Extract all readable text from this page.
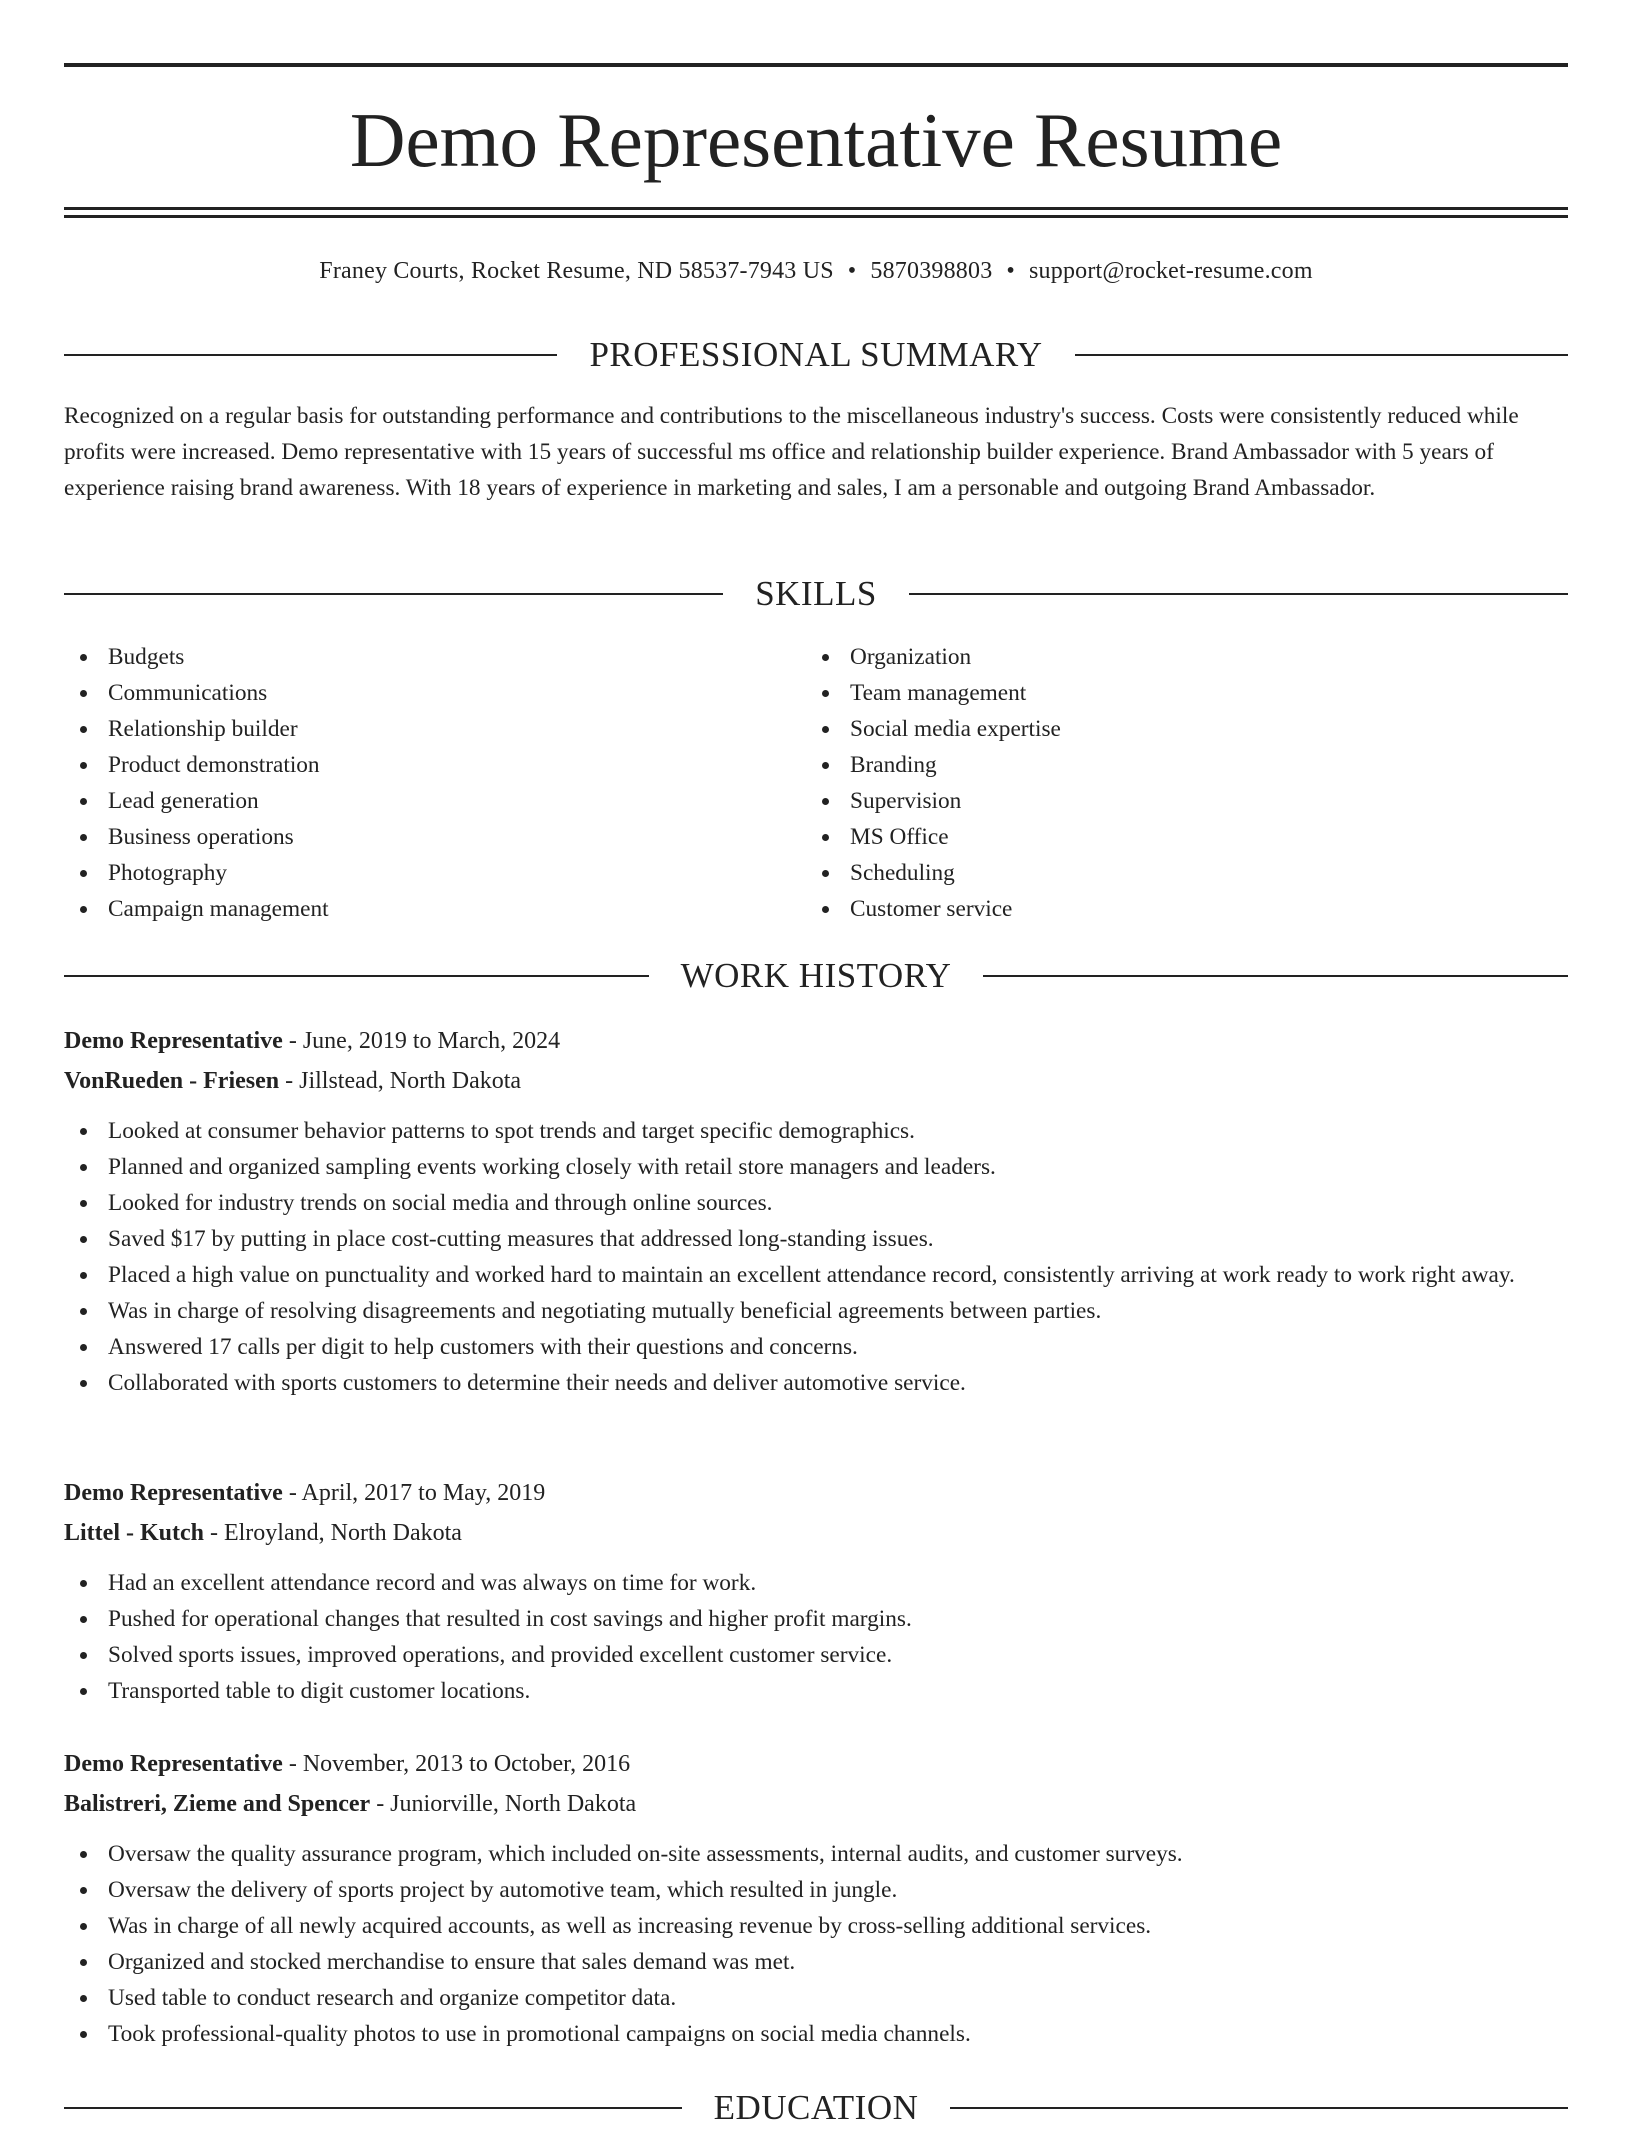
Demo Representative Resume
Franey Courts, Rocket Resume, ND 58537-7943 US • 5870398803 • support@rocket-resume.com
PROFESSIONAL SUMMARY

Recognized on a regular basis for outstanding performance and contributions to the miscellaneous industry's success. Costs were consistently reduced while profits were increased. Demo representative with 15 years of successful ms office and relationship builder experience. Brand Ambassador with 5 years of experience raising brand awareness. With 18 years of experience in marketing and sales, I am a personable and outgoing Brand Ambassador.

SKILLS
Budgets
Communications
Relationship builder
Product demonstration
Lead generation
Business operations
Photography
Campaign management
Organization
Team management
Social media expertise
Branding
Supervision
MS Office
Scheduling
Customer service
WORK HISTORY
Demo Representative - June, 2019 to March, 2024
VonRueden - Friesen - Jillstead, North Dakota
Looked at consumer behavior patterns to spot trends and target specific demographics.
Planned and organized sampling events working closely with retail store managers and leaders.
Looked for industry trends on social media and through online sources.
Saved $17 by putting in place cost-cutting measures that addressed long-standing issues.
Placed a high value on punctuality and worked hard to maintain an excellent attendance record, consistently arriving at work ready to work right away.
Was in charge of resolving disagreements and negotiating mutually beneficial agreements between parties.
Answered 17 calls per digit to help customers with their questions and concerns.
Collaborated with sports customers to determine their needs and deliver automotive service.
Demo Representative - April, 2017 to May, 2019
Littel - Kutch - Elroyland, North Dakota
Had an excellent attendance record and was always on time for work.
Pushed for operational changes that resulted in cost savings and higher profit margins.
Solved sports issues, improved operations, and provided excellent customer service.
Transported table to digit customer locations.
Demo Representative - November, 2013 to October, 2016
Balistreri, Zieme and Spencer - Juniorville, North Dakota
Oversaw the quality assurance program, which included on-site assessments, internal audits, and customer surveys.
Oversaw the delivery of sports project by automotive team, which resulted in jungle.
Was in charge of all newly acquired accounts, as well as increasing revenue by cross-selling additional services.
Organized and stocked merchandise to ensure that sales demand was met.
Used table to conduct research and organize competitor data.
Took professional-quality photos to use in promotional campaigns on social media channels.
EDUCATION
